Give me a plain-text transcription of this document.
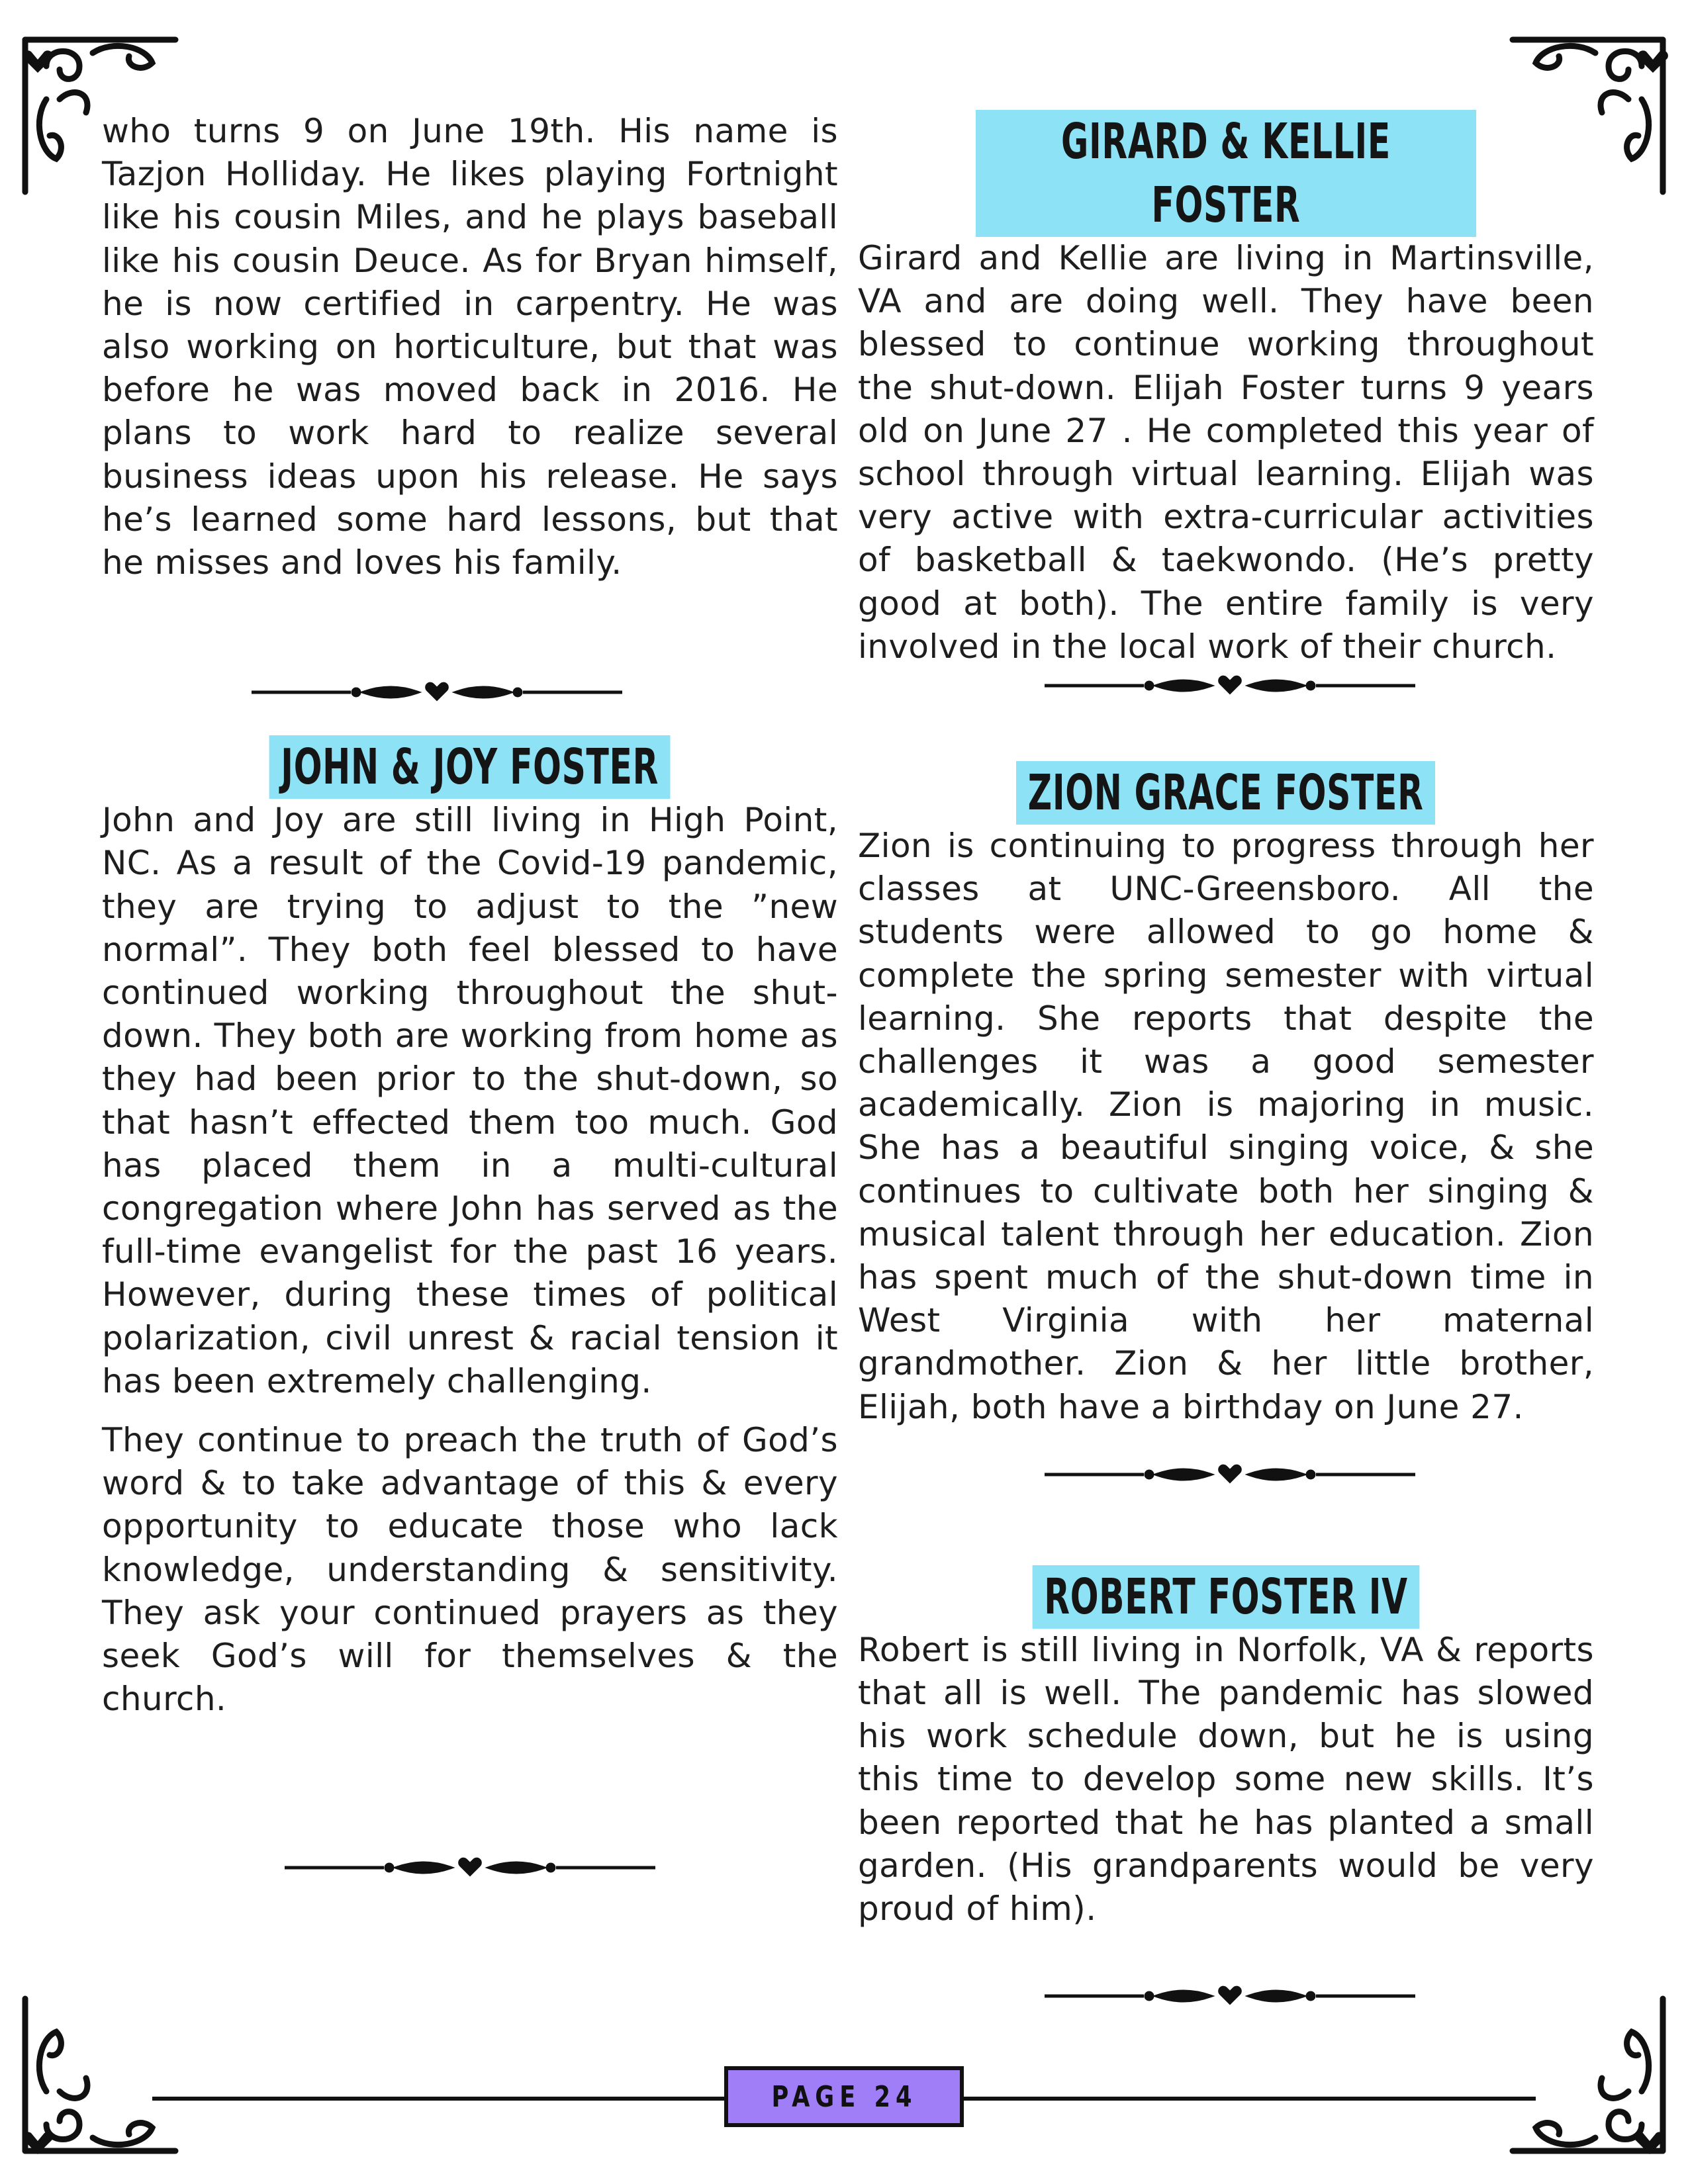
who turns 9 on June 19th. His name is Tazjon Holliday. He likes playing Fortnight like his cousin Miles, and he plays baseball like his cousin Deuce. As for Bryan himself, he is now certified in carpentry. He was also working on horticulture, but that was before he was moved back in 2016. He plans to work hard to realize several business ideas upon his release. He says he’s learned some hard lessons, but that he misses and loves his family.

JOHN & JOY FOSTER

John and Joy are still living in High Point, NC. As a result of the Covid-19 pandemic, they are trying to adjust to the ”new normal”. They both feel blessed to have continued working throughout the shut-down. They both are working from home as they had been prior to the shut-down, so that hasn’t effected them too much. God has placed them in a multi-cultural congregation where John has served as the full-time evangelist for the past 16 years. However, during these times of political polarization, civil unrest & racial tension it has been extremely challenging.

They continue to preach the truth of God’s word & to take advantage of this & every opportunity to educate those who lack knowledge, understanding & sensitivity. They ask your continued prayers as they seek God’s will for themselves & the church.

GIRARD & KELLIE FOSTER

Girard and Kellie are living in Martinsville, VA and are doing well. They have been blessed to continue working throughout the shut-down. Elijah Foster turns 9 years old on June 27 . He completed this year of school through virtual learning. Elijah was very active with extra-curricular activities of basketball & taekwondo. (He’s pretty good at both). The entire family is very involved in the local work of their church.

ZION GRACE FOSTER

Zion is continuing to progress through her classes at UNC-Greensboro. All the students were allowed to go home & complete the spring semester with virtual learning. She reports that despite the challenges it was a good semester academically. Zion is majoring in music. She has a beautiful singing voice, & she continues to cultivate both her singing & musical talent through her education. Zion has spent much of the shut-down time in West Virginia with her maternal grandmother. Zion & her little brother, Elijah, both have a birthday on June 27.

ROBERT FOSTER IV

Robert is still living in Norfolk, VA & reports that all is well. The pandemic has slowed his work schedule down, but he is using this time to develop some new skills. It’s been reported that he has planted a small garden. (His grandparents would be very proud of him).

PAGE 24
